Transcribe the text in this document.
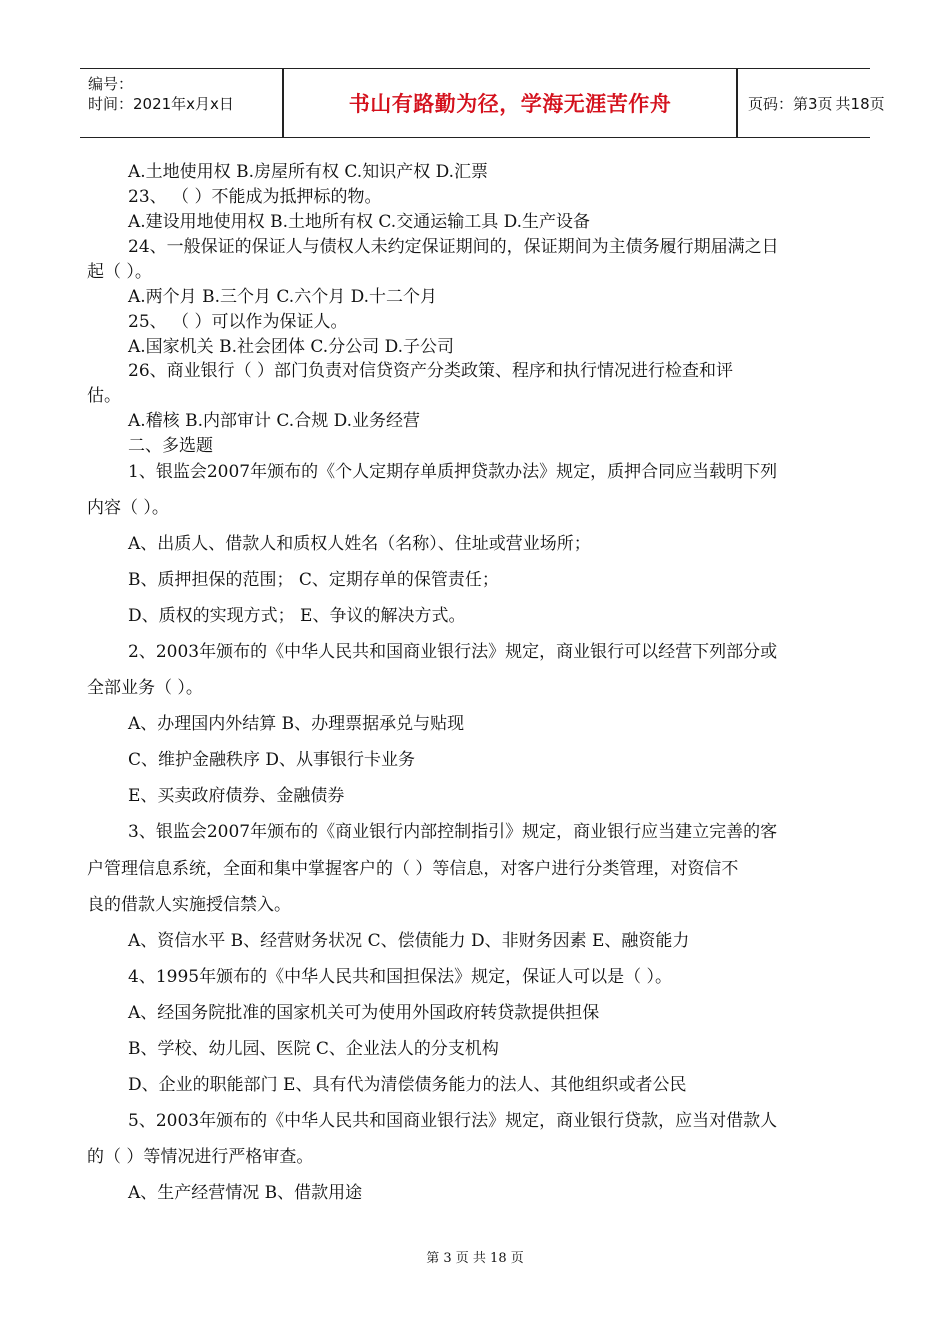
编号：
时间：2021年x月x日	书山有路勤为径，学海无涯苦作舟	页码：第3页 共18页
A.土地使用权 B.房屋所有权 C.知识产权 D.汇票
23、 （ ）不能成为抵押标的物。
A.建设用地使用权 B.土地所有权 C.交通运输工具 D.生产设备
24、一般保证的保证人与债权人未约定保证期间的，保证期间为主债务履行期届满之日
起（ ）。
A.两个月 B.三个月 C.六个月 D.十二个月
25、 （ ）可以作为保证人。
A.国家机关 B.社会团体 C.分公司 D.子公司
26、商业银行（ ）部门负责对信贷资产分类政策、程序和执行情况进行检查和评
估。
A.稽核 B.内部审计 C.合规 D.业务经营
二、多选题
1、银监会2007年颁布的《个人定期存单质押贷款办法》规定，质押合同应当载明下列
内容（ ）。
A、出质人、借款人和质权人姓名（名称）、住址或营业场所；
B、质押担保的范围； C、定期存单的保管责任；
D、质权的实现方式； E、争议的解决方式。
2、2003年颁布的《中华人民共和国商业银行法》规定，商业银行可以经营下列部分或
全部业务（ ）。
A、办理国内外结算 B、办理票据承兑与贴现
C、维护金融秩序 D、从事银行卡业务
E、买卖政府债券、金融债券
3、银监会2007年颁布的《商业银行内部控制指引》规定，商业银行应当建立完善的客
户管理信息系统，全面和集中掌握客户的（ ）等信息，对客户进行分类管理，对资信不
良的借款人实施授信禁入。
A、资信水平 B、经营财务状况 C、偿债能力 D、非财务因素 E、融资能力
4、1995年颁布的《中华人民共和国担保法》规定，保证人可以是（ ）。
A、经国务院批准的国家机关可为使用外国政府转贷款提供担保
B、学校、幼儿园、医院 C、企业法人的分支机构
D、企业的职能部门 E、具有代为清偿债务能力的法人、其他组织或者公民
5、2003年颁布的《中华人民共和国商业银行法》规定，商业银行贷款，应当对借款人
的（ ）等情况进行严格审查。
A、生产经营情况 B、借款用途
第 3 页 共 18 页
